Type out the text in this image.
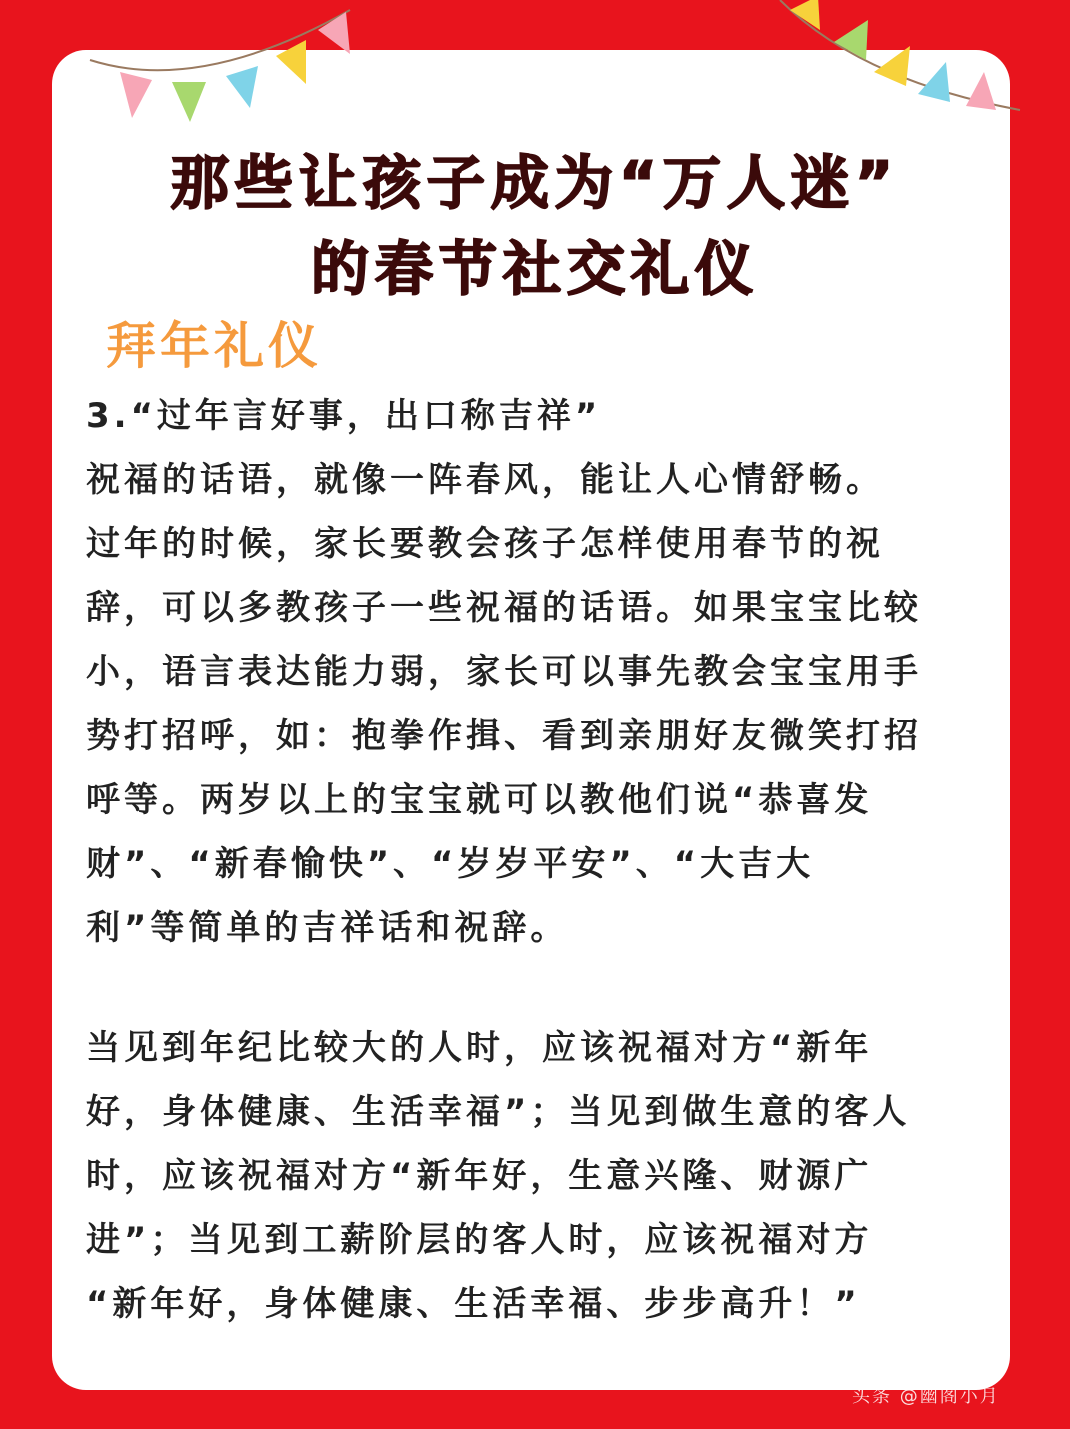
那些让孩子成为“万人迷”
的春节社交礼仪
拜年礼仪
3.“过年言好事，出口称吉祥”
祝福的话语，就像一阵春风，能让人心情舒畅。
过年的时候，家长要教会孩子怎样使用春节的祝
辞，可以多教孩子一些祝福的话语。如果宝宝比较
小，语言表达能力弱，家长可以事先教会宝宝用手
势打招呼，如：抱拳作揖、看到亲朋好友微笑打招
呼等。两岁以上的宝宝就可以教他们说“恭喜发
财”、“新春愉快”、“岁岁平安”、“大吉大
利”等简单的吉祥话和祝辞。
当见到年纪比较大的人时，应该祝福对方“新年
好，身体健康、生活幸福”；当见到做生意的客人
时，应该祝福对方“新年好，生意兴隆、财源广
进”；当见到工薪阶层的客人时，应该祝福对方
“新年好，身体健康、生活幸福、步步高升！”
头条 @幽阁小月
